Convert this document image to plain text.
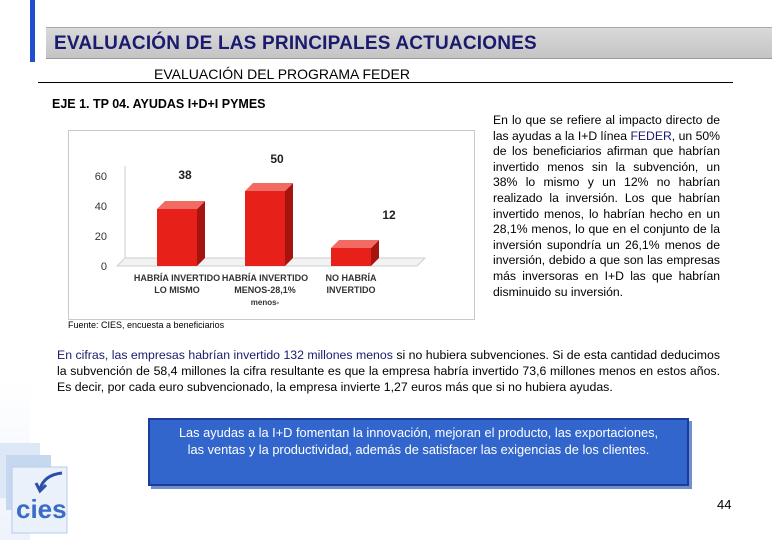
EVALUACIÓN DE LAS PRINCIPALES ACTUACIONES
EVALUACIÓN DEL PROGRAMA FEDER
EJE 1. TP 04. AYUDAS I+D+I PYMES
60
40
20
0
38
HABRÍA INVERTIDO
LO MISMO
50
HABRÍA INVERTIDO
MENOS-28,1%
menos-
12
NO HABRÍA
INVERTIDO
En lo que se refiere al impacto directo de las ayudas a la I+D línea FEDER, un 50% de los beneficiarios afirman que habrían invertido menos sin la subvención, un 38% lo mismo y un 12% no habrían realizado la inversión. Los que habrían invertido menos, lo habrían hecho en un 28,1% menos, lo que en el conjunto de la inversión supondría un 26,1% menos de inversión, debido a que son las empresas más inversoras en I+D las que habrían disminuido su inversión.
Fuente: CIES, encuesta a beneficiarios
En cifras, las empresas habrían invertido 132 millones menos si no hubiera subvenciones. Si de esta cantidad deducimos la subvención de 58,4 millones la cifra resultante es que la empresa habría invertido 73,6 millones menos en estos años. Es decir, por cada euro subvencionado, la empresa invierte 1,27 euros más que si no hubiera ayudas.
Las ayudas a la I+D fomentan la innovación, mejoran el producto, las exportaciones, las ventas y la productividad, además de satisfacer las exigencias de los clientes.
cies	44
